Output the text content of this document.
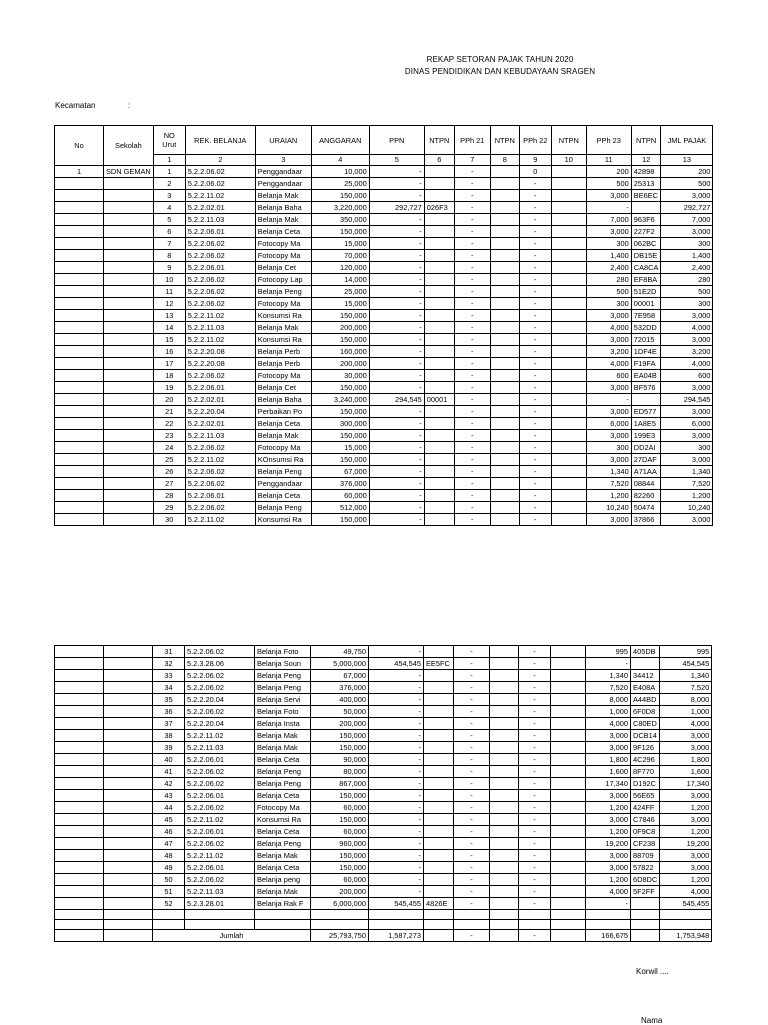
REKAP SETORAN PAJAK TAHUN 2020
DINAS PENDIDIKAN DAN KEBUDAYAAN SRAGEN
Kecamatan	:
No	Sekolah	NO Urut	REK. BELANJA	URAIAN	ANGGARAN	PPN	NTPN	PPh 21	NTPN	PPh 22	NTPN	PPh 23	NTPN	JML PAJAK
		1	2	3	4	5	6	7	8	9	10	11	12	13
1	SDN GEMAN	1	5.2.2.06.02	Penggandaar	10,000	-		-		0		200	42898	200
		2	5.2.2.06.02	Penggandaar	25,000	-		-		-		500	25313	500
		3	5.2.2.11.02	Belanja Mak	150,000	-		-		-		3,000	BE6EC	3,000
		4	5.2.2.02.01	Belanja Baha	3,220,000	292,727	026F3	-		-		-		292,727
		5	5.2.2.11.03	Belanja Mak	350,000	-		-		-		7,000	963F6	7,000
		6	5.2.2.06.01	Belanja Ceta	150,000	-		-		-		3,000	227F2	3,000
		7	5.2.2.06.02	Fotocopy Ma	15,000	-		-		-		300	062BC	300
		8	5.2.2.06.02	Fotocopy Ma	70,000	-		-		-		1,400	DB15E	1,400
		9	5.2.2.06.01	Belanja Cet	120,000	-		-		-		2,400	CA8CA	2,400
		10	5.2.2.06.02	Fotocopy Lap	14,000	-		-		-		280	EF8BA	280
		11	5.2.2.06.02	Belanja Peng	25,000	-		-		-		500	51E2D	500
		12	5.2.2.06.02	Fotocopy Ma	15,000	-		-		-		300	00001	300
		13	5.2.2.11.02	Konsumsi Ra	150,000	-		-		-		3,000	7E958	3,000
		14	5.2.2.11.03	Belanja Mak	200,000	-		-		-		4,000	532DD	4,000
		15	5.2.2.11.02	Konsumsi Ra	150,000	-		-		-		3,000	72015	3,000
		16	5.2.2.20.08	Belanja Perb	160,000	-		-		-		3,200	1DF4E	3,200
		17	5.2.2.20.08	Belanja Perb	200,000	-		-		-		4,000	F19FA	4,000
		18	5.2.2.06.02	Fotocopy Ma	30,000	-		-		-		600	EA04B	600
		19	5.2.2.06.01	Belanja Cet	150,000	-		-		-		3,000	BF576	3,000
		20	5.2.2.02.01	Belanja Baha	3,240,000	294,545	00001	-		-		-		294,545
		21	5.2.2.20.04	Perbaikan Po	150,000	-		-		-		3,000	ED577	3,000
		22	5.2.2.02.01	Belanja Ceta	300,000	-		-		-		6,000	1A8E5	6,000
		23	5.2.2.11.03	Belanja Mak	150,000	-		-		-		3,000	199E3	3,000
		24	5.2.2.06.02	Fotocopy Ma	15,000	-		-		-		300	DD2AI	300
		25	5.2.2.11.02	KOnsumsi Ra	150,000	-		-		-		3,000	27DAF	3,000
		26	5.2.2.06.02	Belanja Peng	67,000	-		-		-		1,340	A71AA	1,340
		27	5.2.2.06.02	Penggandaar	376,000	-		-		-		7,520	08844	7,520
		28	5.2.2.06.01	Belanja Ceta	60,000	-		-		-		1,200	82260	1,200
		29	5.2.2.06.02	Belanja Peng	512,000	-		-		-		10,240	50474	10,240
		30	5.2.2.11.02	Konsumsi Ra	150,000	-		-		-		3,000	37866	3,000
		31	5.2.2.06.02	Belanja Foto	49,750	-		-		-		995	405DB	995
		32	5.2.3.28.06	Belanja Soun	5,000,000	454,545	EE5FC	-		-		-		454,545
		33	5.2.2.06.02	Belanja Peng	67,000	-		-		-		1,340	34412	1,340
		34	5.2.2.06.02	Belanja Peng	376,000	-		-		-		7,520	E408A	7,520
		35	5.2.2.20.04	Belanja Servi	400,000	-		-		-		8,000	A44BD	8,000
		36	5.2.2.06.02	Belanja Foto	50,000	-		-		-		1,000	6F0D8	1,000
		37	5.2.2.20.04	Belanja Insta	200,000	-		-		-		4,000	C80ED	4,000
		38	5.2.2.11.02	Belanja Mak	150,000	-		-		-		3,000	DCB14	3,000
		39	5.2.2.11.03	Belanja Mak	150,000	-		-		-		3,000	9F126	3,000
		40	5.2.2.06.01	Belanja Ceta	90,000	-		-		-		1,800	4C296	1,800
		41	5.2.2.06.02	Belanja Peng	80,000	-		-		-		1,600	8F770	1,600
		42	5.2.2.06.02	Belanja Peng	867,000	-		-		-		17,340	D192C	17,340
		43	5.2.2.06.01	Belanja Ceta	150,000	-		-		-		3,000	56E65	3,000
		44	5.2.2.06.02	Fotocopy Ma	60,000	-		-		-		1,200	424FF	1,200
		45	5.2.2.11.02	Konsumsi Ra	150,000	-		-		-		3,000	C7846	3,000
		46	5.2.2.06.01	Belanja Ceta	60,000	-		-		-		1,200	0F9C8	1,200
		47	5.2.2.06.02	Belanja Peng	960,000	-		-		-		19,200	CF238	19,200
		48	5.2.2.11.02	Belanja Mak	150,000	-		-		-		3,000	88709	3,000
		49	5.2.2.06.01	Belanja Ceta	150,000	-		-		-		3,000	57822	3,000
		50	5.2.2.06.02	Belanja peng	60,000	-		-		-		1,200	6D8DC	1,200
		51	5.2.2.11.03	Belanja Mak	200,000	-		-		-		4,000	5F2FF	4,000
		52	5.2.3.28.01	Belanja Rak F	6,000,000	545,455	4826E	-		-		-		545,455

		Jumlah			25,793,750	1,587,273		-		-		166,675		1,753,948
Korwil ....
Nama
